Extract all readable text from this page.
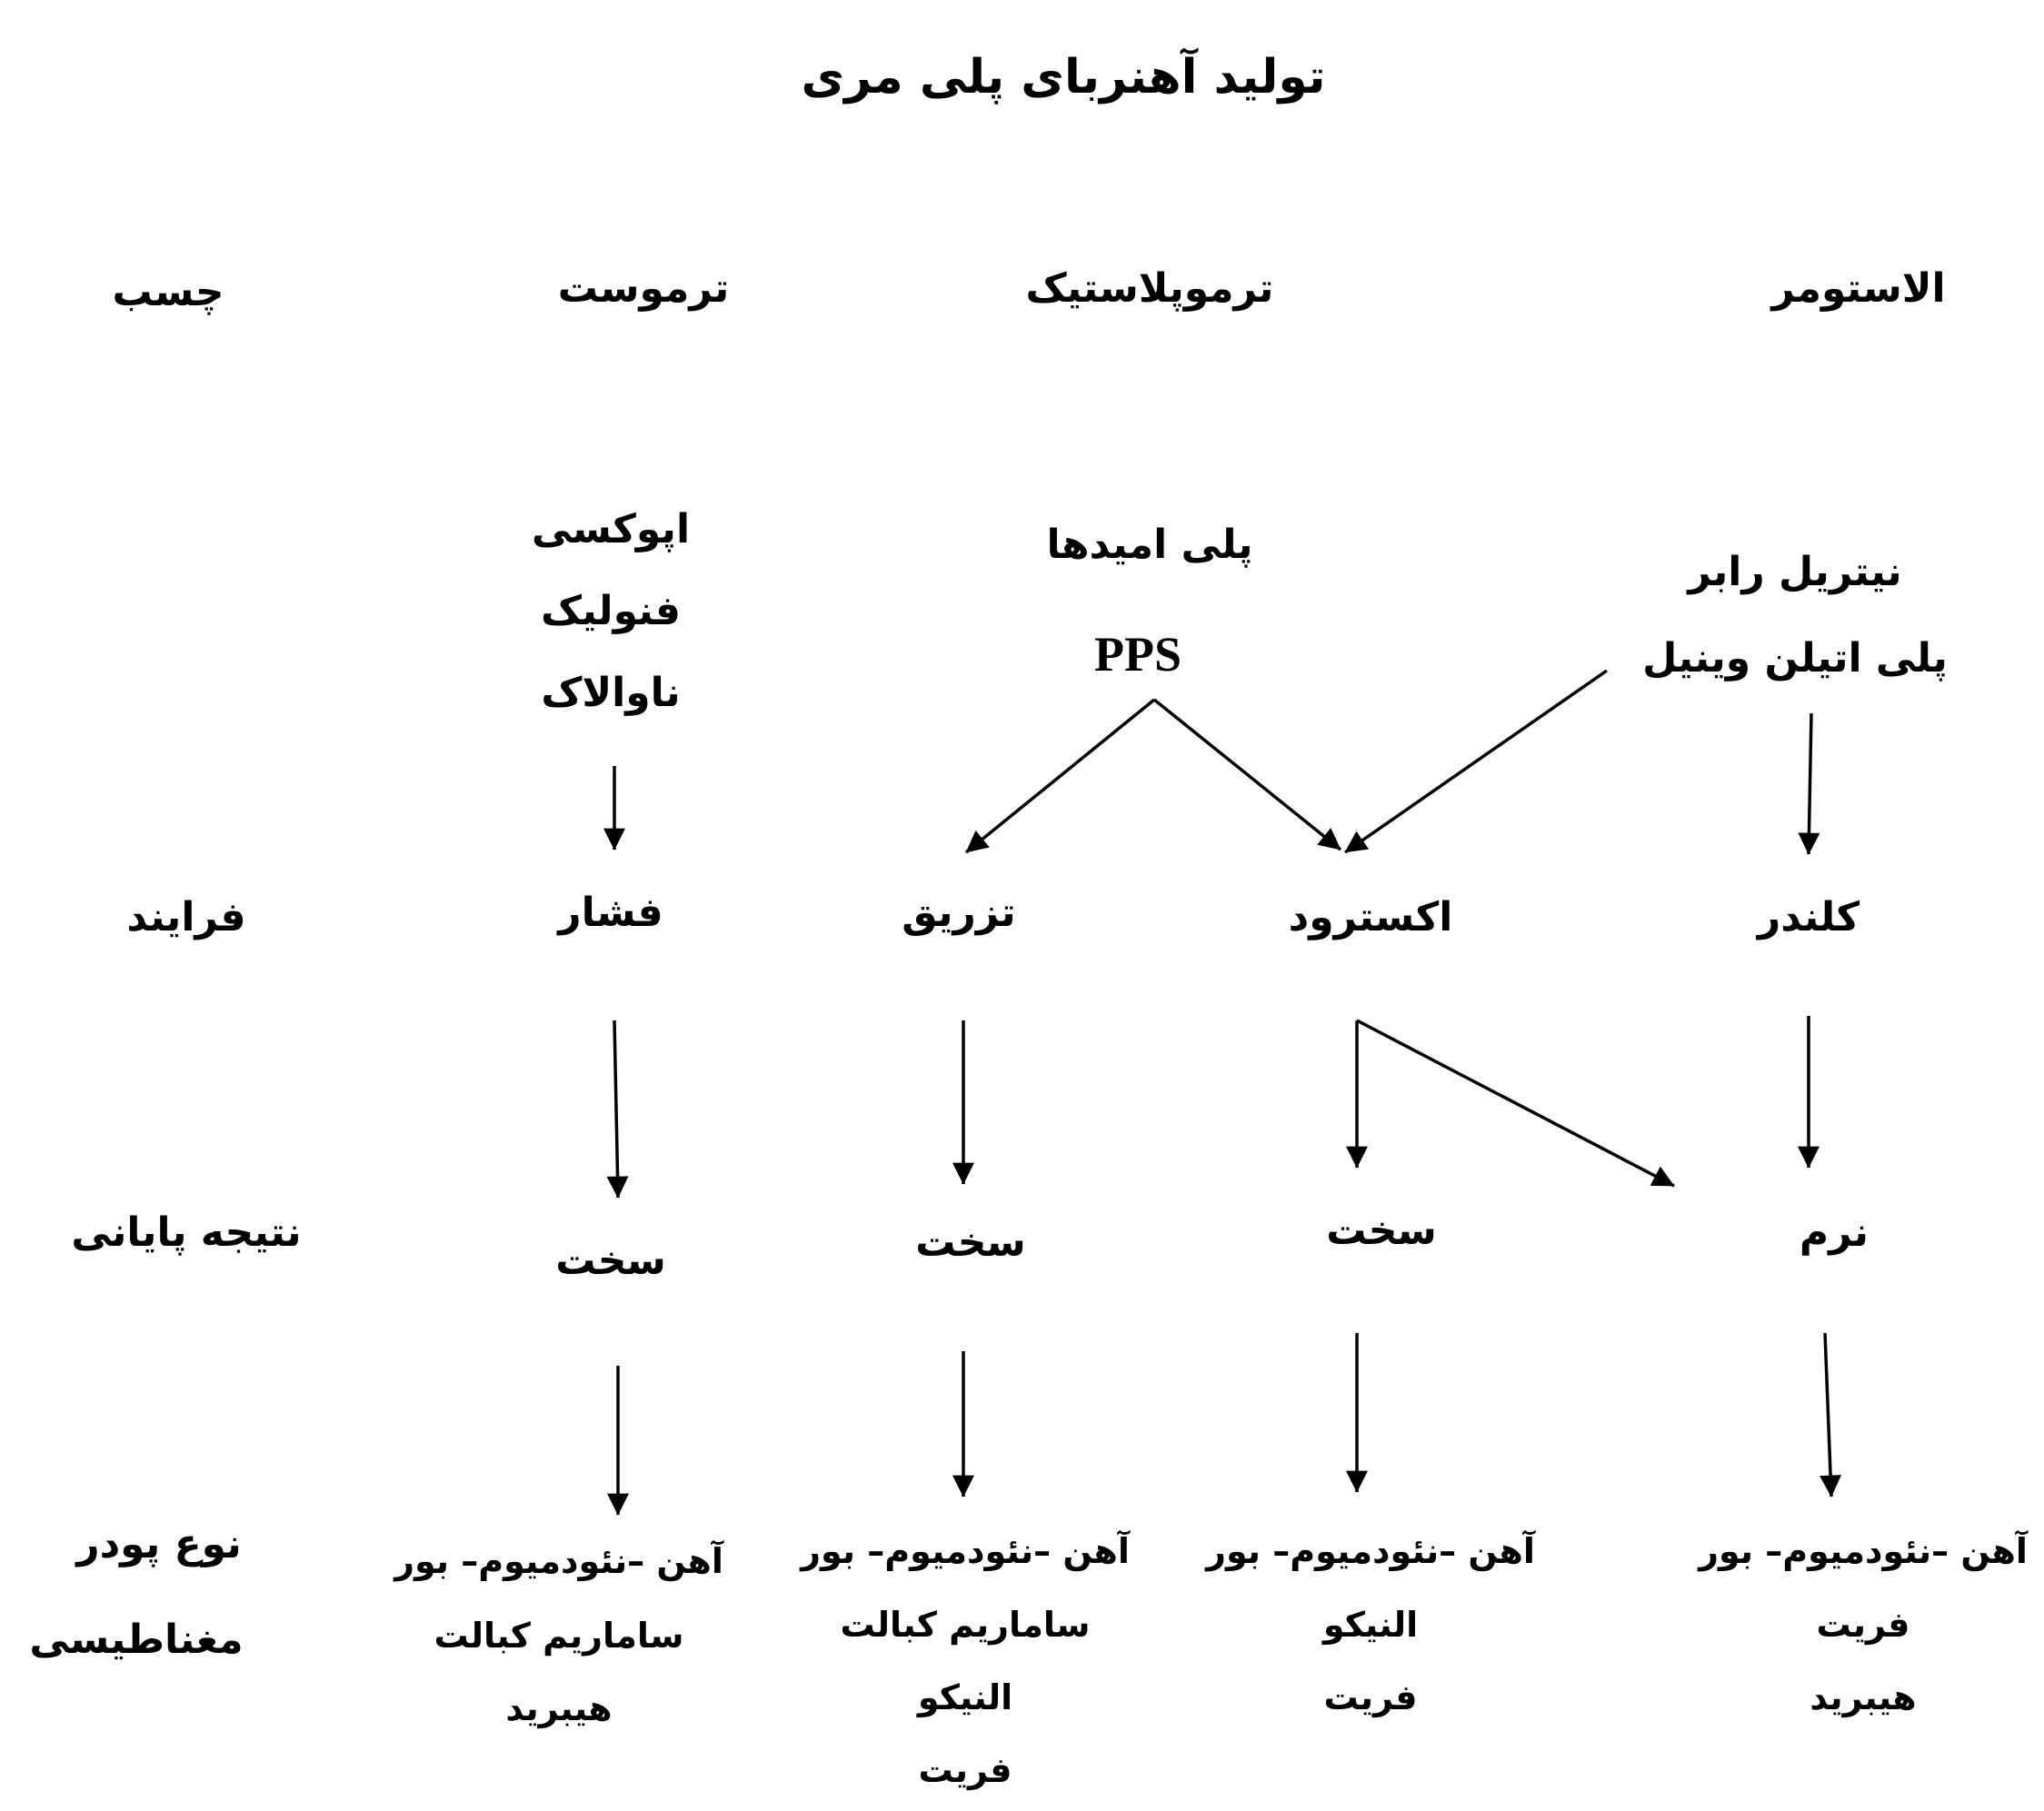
تولید آهنربای پلی مری
الاستومر
ترموپلاستیک
ترموست
چسب
نیتریل رابر
پلی اتیلن وینیل
پلی امیدها
PPS
اپوکسی
فنولیک
ناوالاک
فرایند
نتیجه پایانی
نوع پودر
مغناطیسی
کلندر
اکسترود
تزریق
فشار
نرم
سخت
سخت
سخت
آهن –نئودمیوم– بور
فریت
هیبرید
آهن –نئودمیوم– بور
النیکو
فریت
آهن –نئودمیوم– بور
ساماریم کبالت
النیکو
فریت
آهن –نئودمیوم– بور
ساماریم کبالت
هیبرید
